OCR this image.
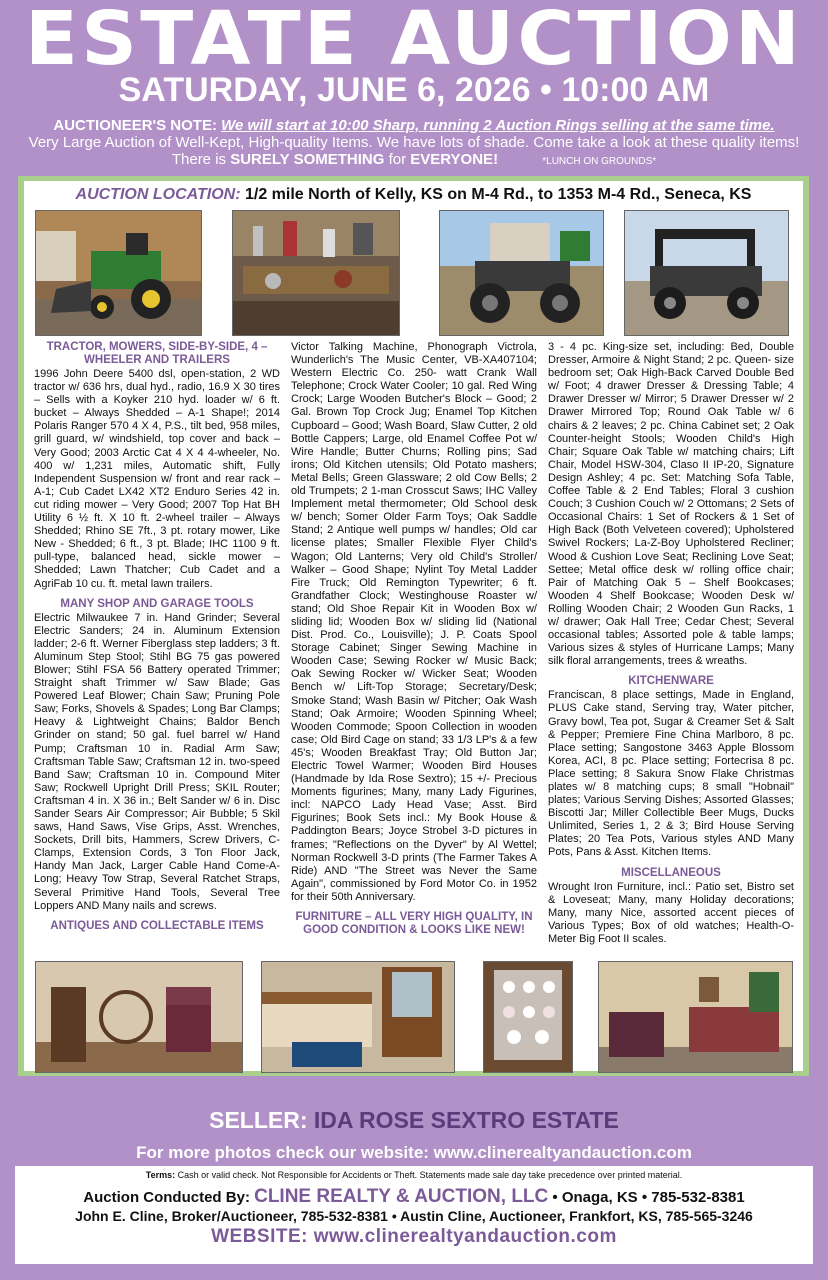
ESTATE AUCTION
SATURDAY, JUNE 6, 2026 • 10:00 AM
AUCTIONEER'S NOTE: We will start at 10:00 Sharp, running 2 Auction Rings selling at the same time.
Very Large Auction of Well-Kept, High-quality Items. We have lots of shade. Come take a look at these quality items! There is SURELY SOMETHING for EVERYONE!	*LUNCH ON GROUNDS*
AUCTION LOCATION: 1/2 mile North of Kelly, KS on M-4 Rd., to 1353 M-4 Rd., Seneca, KS
TRACTOR, MOWERS, SIDE-BY-SIDE, 4 – WHEELER AND TRAILERS

1996 John Deere 5400 dsl, open-station, 2 WD tractor w/ 636 hrs, dual hyd., radio, 16.9 X 30 tires – Sells with a Koyker 210 hyd. loader w/ 6 ft. bucket – Always Shedded – A-1 Shape!; 2014 Polaris Ranger 570 4 X 4, P.S., tilt bed, 958 miles, grill guard, w/ windshield, top cover and back – Very Good; 2003 Arctic Cat 4 X 4 4-wheeler, No. 400 w/ 1,231 miles, Automatic shift, Fully Independent Suspension w/ front and rear rack – A-1; Cub Cadet LX42 XT2 Enduro Series 42 in. cut riding mower – Very Good; 2007 Top Hat BH Utility 6 ½ ft. X 10 ft. 2-wheel trailer – Always Shedded; Rhino SE 7ft., 3 pt. rotary mower, Like New - Shedded; 6 ft., 3 pt. Blade; IHC 1100 9 ft. pull-type, balanced head, sickle mower – Shedded; Lawn Thatcher; Cub Cadet and a AgriFab 10 cu. ft. metal lawn trailers.

MANY SHOP AND GARAGE TOOLS

Electric Milwaukee 7 in. Hand Grinder; Several Electric Sanders; 24 in. Aluminum Extension ladder; 2-6 ft. Werner Fiberglass step ladders; 3 ft. Aluminum Step Stool; Stihl BG 75 gas powered Blower; Stihl FSA 56 Battery operated Trimmer; Straight shaft Trimmer w/ Saw Blade; Gas Powered Leaf Blower; Chain Saw; Pruning Pole Saw; Forks, Shovels & Spades; Long Bar Clamps; Heavy & Lightweight Chains; Baldor Bench Grinder on stand; 50 gal. fuel barrel w/ Hand Pump; Craftsman 10 in. Radial Arm Saw; Craftsman Table Saw; Craftsman 12 in. two-speed Band Saw; Craftsman 10 in. Compound Miter Saw; Rockwell Upright Drill Press; SKIL Router; Craftsman 4 in. X 36 in.; Belt Sander w/ 6 in. Disc Sander Sears Air Compressor; Air Bubble; 5 Skil saws, Hand Saws, Vise Grips, Asst. Wrenches, Sockets, Drill bits, Hammers, Screw Drivers, C-Clamps, Extension Cords, 3 Ton Floor Jack, Handy Man Jack, Larger Cable Hand Come-A-Long; Heavy Tow Strap, Several Ratchet Straps, Several Primitive Hand Tools, Several Tree Loppers AND Many nails and screws.

ANTIQUES AND COLLECTABLE ITEMS

Victor Talking Machine, Phonograph Victrola, Wunderlich's The Music Center, VB-XA407104; Western Electric Co. 250- watt Crank Wall Telephone; Crock Water Cooler; 10 gal. Red Wing Crock; Large Wooden Butcher's Block – Good; 2 Gal. Brown Top Crock Jug; Enamel Top Kitchen Cupboard – Good; Wash Board, Slaw Cutter, 2 old Bottle Cappers; Large, old Enamel Coffee Pot w/ Wire Handle; Butter Churns; Rolling pins; Sad irons; Old Kitchen utensils; Old Potato mashers; Metal Bells; Green Glassware; 2 old Cow Bells; 2 old Trumpets; 2 1-man Crosscut Saws; IHC Valley Implement metal thermometer; Old School desk w/ bench; Somer Older Farm Toys; Oak Saddle Stand; 2 Antique well pumps w/ handles; Old car license plates; Smaller Flexible Flyer Child's Wagon; Old Lanterns; Very old Child's Stroller/ Walker – Good Shape; Nylint Toy Metal Ladder Fire Truck; Old Remington Typewriter; 6 ft. Grandfather Clock; Westinghouse Roaster w/ stand; Old Shoe Repair Kit in Wooden Box w/ sliding lid; Wooden Box w/ sliding lid (National Dist. Prod. Co., Louisville); J. P. Coats Spool Storage Cabinet; Singer Sewing Machine in Wooden Case; Sewing Rocker w/ Music Back; Oak Sewing Rocker w/ Wicker Seat; Wooden Bench w/ Lift-Top Storage; Secretary/Desk; Smoke Stand; Wash Basin w/ Pitcher; Oak Wash Stand; Oak Armoire; Wooden Spinning Wheel; Wooden Commode; Spoon Collection in wooden case; Old Bird Cage on stand; 33 1/3 LP's & a few 45's; Wooden Breakfast Tray; Old Button Jar; Electric Towel Warmer; Wooden Bird Houses (Handmade by Ida Rose Sextro); 15 +/- Precious Moments figurines; Many, many Lady Figurines, incl: NAPCO Lady Head Vase; Asst. Bird Figurines; Book Sets incl.: My Book House & Paddington Bears; Joyce Strobel 3-D pictures in frames; "Reflections on the Dyver" by Al Wettel; Norman Rockwell 3-D prints (The Farmer Takes A Ride) AND "The Street was Never the Same Again", commissioned by Ford Motor Co. in 1952 for their 50th Anniversary.

FURNITURE – ALL VERY HIGH QUALITY, IN GOOD CONDITION & LOOKS LIKE NEW!

3 - 4 pc. King-size set, including: Bed, Double Dresser, Armoire & Night Stand; 2 pc. Queen- size bedroom set; Oak High-Back Carved Double Bed w/ Foot; 4 drawer Dresser & Dressing Table; 4 Drawer Dresser w/ Mirror; 5 Drawer Dresser w/ 2 Drawer Mirrored Top; Round Oak Table w/ 6 chairs & 2 leaves; 2 pc. China Cabinet set; 2 Oak Counter-height Stools; Wooden Child's High Chair; Square Oak Table w/ matching chairs; Lift Chair, Model HSW-304, Claso II IP-20, Signature Design Ashley; 4 pc. Set: Matching Sofa Table, Coffee Table & 2 End Tables; Floral 3 cushion Couch; 3 Cushion Couch w/ 2 Ottomans; 2 Sets of Occasional Chairs: 1 Set of Rockers & 1 Set of High Back (Both Velveteen covered); Upholstered Swivel Rockers; La-Z-Boy Upholstered Recliner; Wood & Cushion Love Seat; Reclining Love Seat; Settee; Metal office desk w/ rolling office chair; Pair of Matching Oak 5 – Shelf Bookcases; Wooden 4 Shelf Bookcase; Wooden Desk w/ Rolling Wooden Chair; 2 Wooden Gun Racks, 1 w/ drawer; Oak Hall Tree; Cedar Chest; Several occasional tables; Assorted pole & table lamps; Various sizes & styles of Hurricane Lamps; Many silk floral arrangements, trees & wreaths.

KITCHENWARE

Franciscan, 8 place settings, Made in England, PLUS Cake stand, Serving tray, Water pitcher, Gravy bowl, Tea pot, Sugar & Creamer Set & Salt & Pepper; Premiere Fine China Marlboro, 8 pc. Place setting; Sangostone 3463 Apple Blossom Korea, ACI, 8 pc. Place setting; Fortecrisa 8 pc. Place setting; 8 Sakura Snow Flake Christmas plates w/ 8 matching cups; 8 small "Hobnail" plates; Various Serving Dishes; Assorted Glasses; Biscotti Jar; Miller Collectible Beer Mugs, Ducks Unlimited, Series 1, 2 & 3; Bird House Serving Plates; 20 Tea Pots, Various styles AND Many Pots, Pans & Asst. Kitchen Items.

MISCELLANEOUS

Wrought Iron Furniture, incl.: Patio set, Bistro set & Loveseat; Many, many Holiday decorations; Many, many Nice, assorted accent pieces of Various Types; Box of old watches; Health-O-Meter Big Foot II scales.

SELLER: IDA ROSE SEXTRO ESTATE
For more photos check our website: www.clinerealtyandauction.com
Terms: Cash or valid check. Not Responsible for Accidents or Theft. Statements made sale day take precedence over printed material.
Auction Conducted By: CLINE REALTY & AUCTION, LLC • Onaga, KS • 785-532-8381
John E. Cline, Broker/Auctioneer, 785-532-8381 • Austin Cline, Auctioneer, Frankfort, KS, 785-565-3246
WEBSITE: www.clinerealtyandauction.com
